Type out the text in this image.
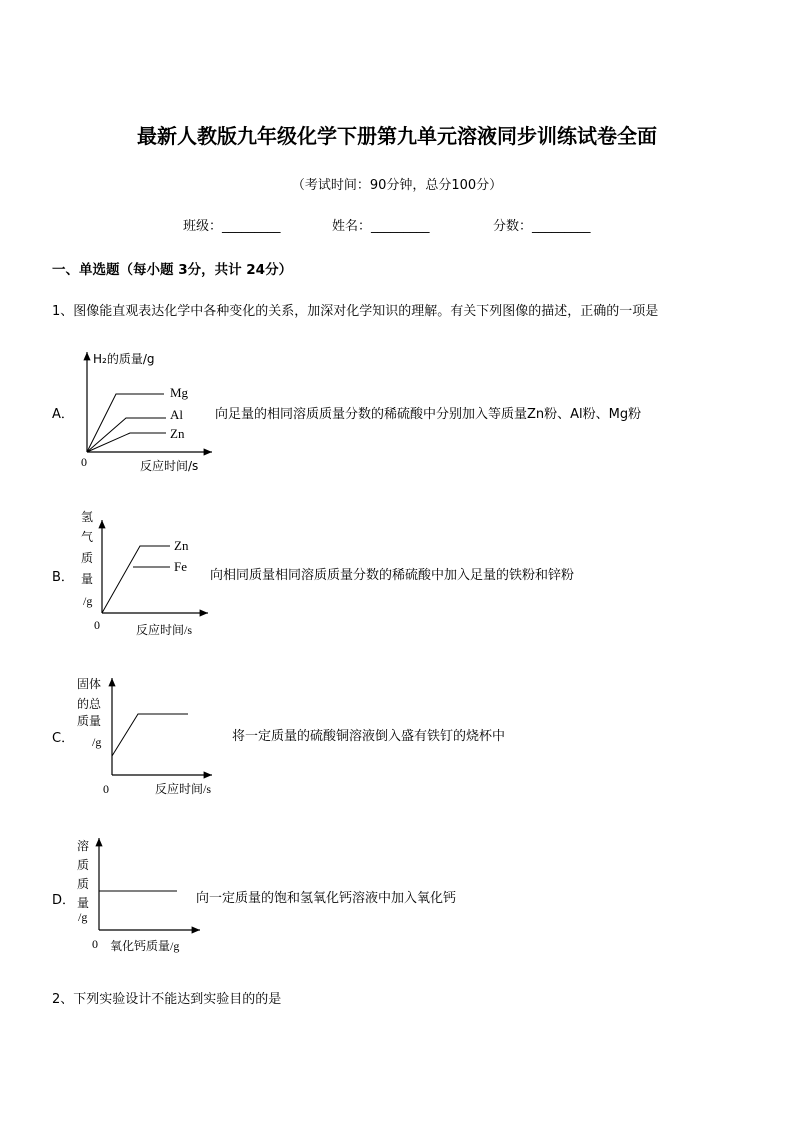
最新人教版九年级化学下册第九单元溶液同步训练试卷全面
（考试时间：90分钟，总分100分）
班级：_________	姓名：_________	分数：_________
一、单选题（每小题 3分，共计 24分）
1、图像能直观表达化学中各种变化的关系，加深对化学知识的理解。有关下列图像的描述，正确的一项是
A．
H₂的质量/g
0	反应时间/s
Mg
Al
Zn
向足量的相同溶质质量分数的稀硫酸中分别加入等质量Zn粉、Al粉、Mg粉
B．
氢
气
质
量
/g
反应时间/s
0
Zn
Fe
向相同质量相同溶质质量分数的稀硫酸中加入足量的铁粉和锌粉
C．
固体
的总
质量
/g
反应时间/s
0
将一定质量的硫酸铜溶液倒入盛有铁钉的烧杯中
D．
溶
质
质
量
/g
氧化钙质量/g
0
向一定质量的饱和氢氧化钙溶液中加入氧化钙
2、下列实验设计不能达到实验目的的是
